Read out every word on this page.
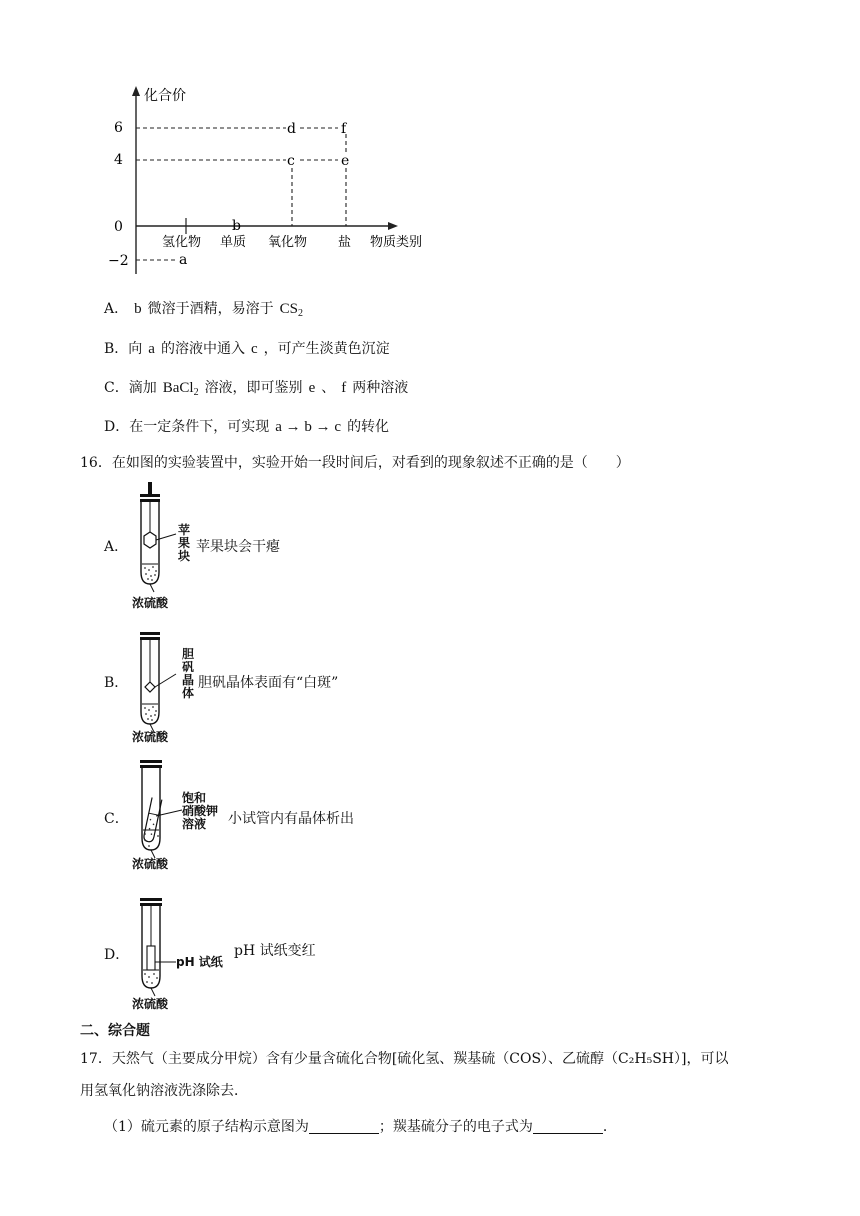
化合价
6
4
0
−2
d	f
c	e
b
a
氢化物 单质 氧化物 盐 物质类别
A． b 微溶于酒精，易溶于 $CS_2$
B．向 a 的溶液中通入 c ，可产生淡黄色沉淀
C．滴加 BaCl$_2$ 溶液，即可鉴别 e 、 f 两种溶液
D．在一定条件下，可实现 a → b → c 的转化
16．在如图的实验装置中，实验开始一段时间后，对看到的现象叙述不正确的是（　　）
A．
苹
果
块
浓硫酸
苹果块会干瘪
B．
胆
矾
晶
体
浓硫酸
胆矾晶体表面有“白斑”
C．
饱和
硝酸钾
溶液
浓硫酸
小试管内有晶体析出
D．	pH 试纸
浓硫酸
pH 试纸变红
二、综合题
17．天然气（主要成分甲烷）含有少量含硫化合物[硫化氢、羰基硫（COS）、乙硫醇（C₂H₅SH）]，可以
用氢氧化钠溶液洗涤除去．
（1）硫元素的原子结构示意图为	；羰基硫分子的电子式为	．
